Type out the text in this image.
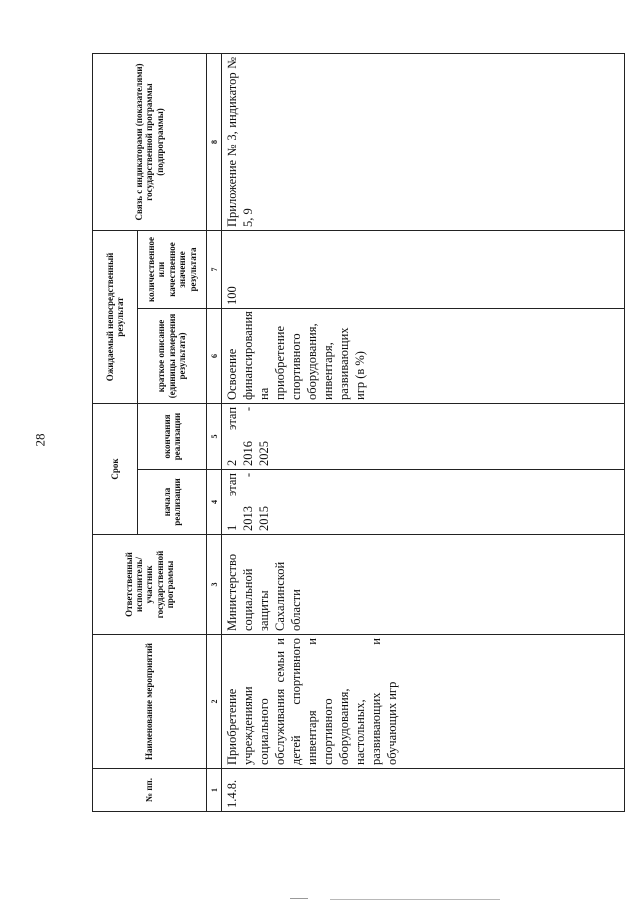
28
№ пп.	Наименование мероприятий	Ответственный исполнитель/ участник государственной программы	Срок		Ожидаемый непосредственный результат		Связь с индикаторами (показателями) государственной программы (подпрограммы)
			начала реализации	окончания реализации	краткое описание (единицы измерения результата)	количественное или качественное значение результата	
1	2	3	4	5	6	7	8
1.4.8.	Приобретение учреждениями социального обслуживания семьи и детей спортивного инвентаря и спортивного оборудования, настольных, развивающих и обучающих игр	Министерство социальной защиты Сахалинской области	1 этап 2013 - 2015	2 этап 2016 - 2025	Освоение финансирования на приобретение спортивного оборудования, инвентаря, развивающих игр (в %)	100	Приложение № 3, индикатор № 5, 9
